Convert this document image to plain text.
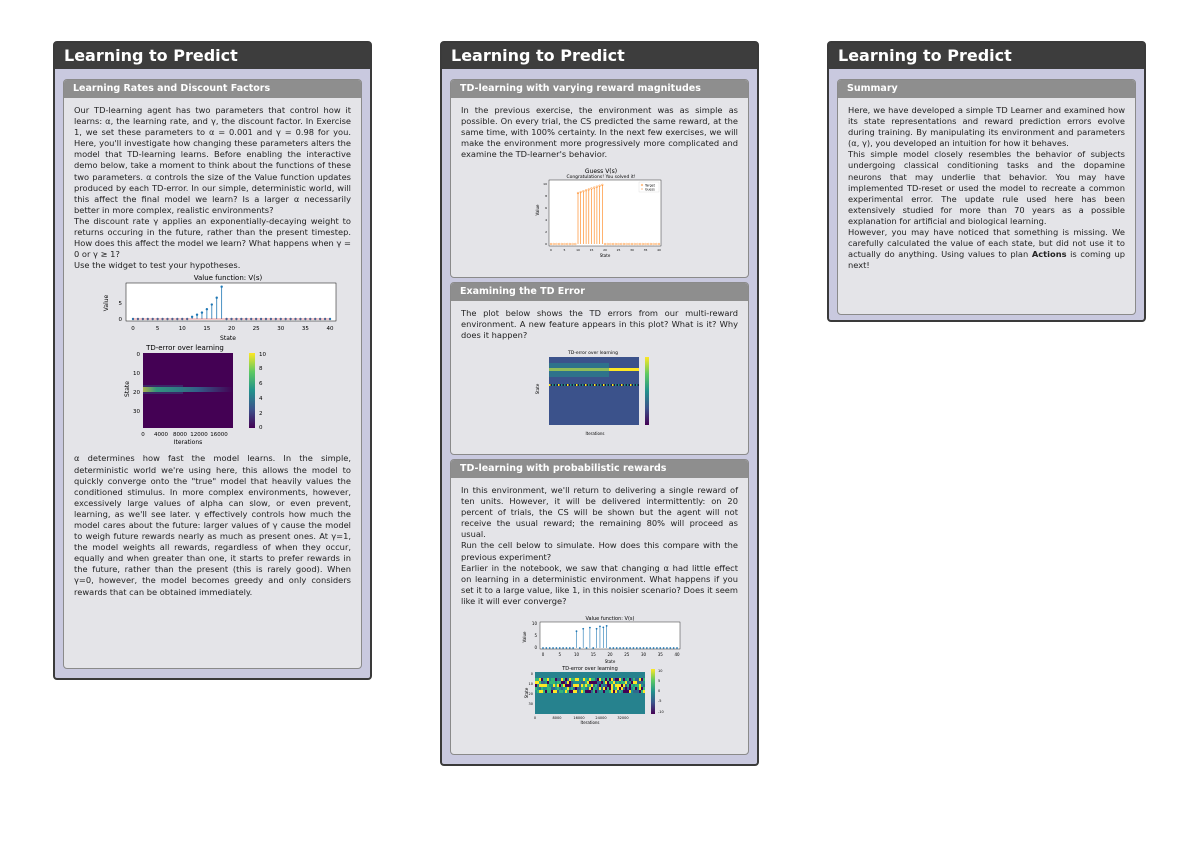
Learning to Predict
Learning Rates and Discount Factors

Our TD-learning agent has two parameters that control how it learns: α, the learning rate, and γ, the discount factor. In Exercise 1, we set these parameters to α = 0.001 and γ = 0.98 for you. Here, you'll investigate how changing these parameters alters the model that TD-learning learns. Before enabling the interactive demo below, take a moment to think about the functions of these two parameters. α controls the size of the Value function updates produced by each TD-error. In our simple, deterministic world, will this affect the final model we learn? Is a larger α necessarily better in more complex, realistic environments?

The discount rate γ applies an exponentially-decaying weight to returns occuring in the future, rather than the present timestep. How does this affect the model we learn? What happens when γ = 0 or γ ≥ 1?

Use the widget to test your hypotheses.

Value function: V(s)
Value
0
5
0	5	10	15	20	25	30	35	40
State
TD-error over learning
State
0
10
20
30
0 4000 8000 12000 16000
Iterations
10
8
6
4
2
0

α determines how fast the model learns. In the simple, deterministic world we're using here, this allows the model to quickly converge onto the "true" model that heavily values the conditioned stimulus. In more complex environments, however, excessively large values of alpha can slow, or even prevent, learning, as we'll see later. γ effectively controls how much the model cares about the future: larger values of γ cause the model to weigh future rewards nearly as much as present ones. At γ=1, the model weights all rewards, regardless of when they occur, equally and when greater than one, it starts to prefer rewards in the future, rather than the present (this is rarely good). When γ=0, however, the model becomes greedy and only considers rewards that can be obtained immediately.

Learning to Predict
TD-learning with varying reward magnitudes

In the previous exercise, the environment was as simple as possible. On every trial, the CS predicted the same reward, at the same time, with 100% certainty. In the next few exercises, we will make the environment more progressively more complicated and examine the TD-learner's behavior.

Guess V(s)
Congratulations! You solved it!
Value
0	5	10	15	20	25	30	35	40
0
2
4
6
8
10	Target
Guess
State
Examining the TD Error

The plot below shows the TD errors from our multi-reward environment. A new feature appears in this plot? What is it? Why does it happen?

TD-error over learning
State
Iterations
TD-learning with probabilistic rewards

In this environment, we'll return to delivering a single reward of ten units. However, it will be delivered intermittently: on 20 percent of trials, the CS will be shown but the agent will not receive the usual reward; the remaining 80% will proceed as usual.

Run the cell below to simulate. How does this compare with the previous experiment?

Earlier in the notebook, we saw that changing α had little effect on learning in a deterministic environment. What happens if you set it to a large value, like 1, in this noisier scenario? Does it seem like it will ever converge?

Value function: V(s)
Value
0
5
10
0	5	10	15	20	25	30	35	40
State
TD-error over learning
State
0
10
20
30
0	8000	16000	24000	32000
Iterations
10
5
0
-5
-10
Learning to Predict
Summary

Here, we have developed a simple TD Learner and examined how its state representations and reward prediction errors evolve during training. By manipulating its environment and parameters (α, γ), you developed an intuition for how it behaves.

This simple model closely resembles the behavior of subjects undergoing classical conditioning tasks and the dopamine neurons that may underlie that behavior. You may have implemented TD-reset or used the model to recreate a common experimental error. The update rule used here has been extensively studied for more than 70 years as a possible explanation for artificial and biological learning.

However, you may have noticed that something is missing. We carefully calculated the value of each state, but did not use it to actually do anything. Using values to plan Actions is coming up next!
